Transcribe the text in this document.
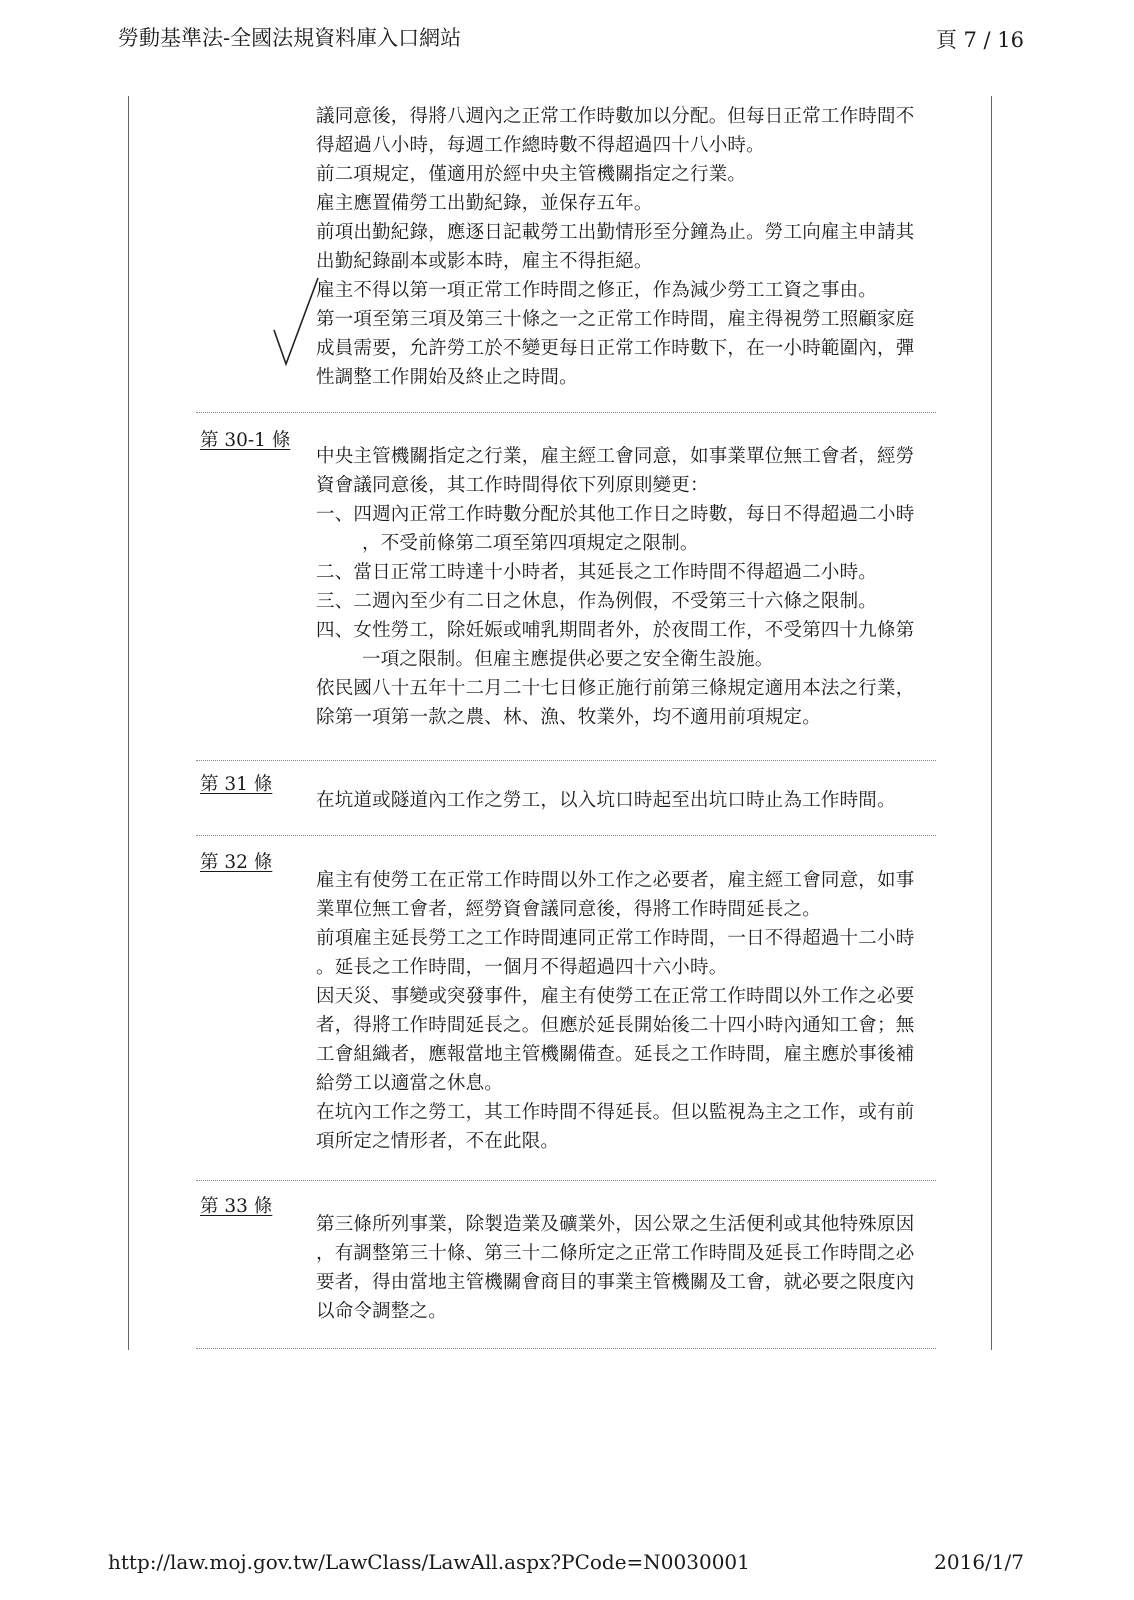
勞動基準法-全國法規資料庫入口網站	頁 7 / 16
議同意後，得將八週內之正常工作時數加以分配。但每日正常工作時間不
得超過八小時，每週工作總時數不得超過四十八小時。
前二項規定，僅適用於經中央主管機關指定之行業。
雇主應置備勞工出勤紀錄，並保存五年。
前項出勤紀錄，應逐日記載勞工出勤情形至分鐘為止。勞工向雇主申請其
出勤紀錄副本或影本時，雇主不得拒絕。
雇主不得以第一項正常工作時間之修正，作為減少勞工工資之事由。
第一項至第三項及第三十條之一之正常工作時間，雇主得視勞工照顧家庭
成員需要，允許勞工於不變更每日正常工作時數下，在一小時範圍內，彈
性調整工作開始及終止之時間。
第 30-1 條
中央主管機關指定之行業，雇主經工會同意，如事業單位無工會者，經勞
資會議同意後，其工作時間得依下列原則變更：
一、四週內正常工作時數分配於其他工作日之時數，每日不得超過二小時
，不受前條第二項至第四項規定之限制。
二、當日正常工時達十小時者，其延長之工作時間不得超過二小時。
三、二週內至少有二日之休息，作為例假，不受第三十六條之限制。
四、女性勞工，除妊娠或哺乳期間者外，於夜間工作，不受第四十九條第
一項之限制。但雇主應提供必要之安全衛生設施。
依民國八十五年十二月二十七日修正施行前第三條規定適用本法之行業，
除第一項第一款之農、林、漁、牧業外，均不適用前項規定。
第 31 條
在坑道或隧道內工作之勞工，以入坑口時起至出坑口時止為工作時間。
第 32 條
雇主有使勞工在正常工作時間以外工作之必要者，雇主經工會同意，如事
業單位無工會者，經勞資會議同意後，得將工作時間延長之。
前項雇主延長勞工之工作時間連同正常工作時間，一日不得超過十二小時
。延長之工作時間，一個月不得超過四十六小時。
因天災、事變或突發事件，雇主有使勞工在正常工作時間以外工作之必要
者，得將工作時間延長之。但應於延長開始後二十四小時內通知工會；無
工會組織者，應報當地主管機關備查。延長之工作時間，雇主應於事後補
給勞工以適當之休息。
在坑內工作之勞工，其工作時間不得延長。但以監視為主之工作，或有前
項所定之情形者，不在此限。
第 33 條
第三條所列事業，除製造業及礦業外，因公眾之生活便利或其他特殊原因
，有調整第三十條、第三十二條所定之正常工作時間及延長工作時間之必
要者，得由當地主管機關會商目的事業主管機關及工會，就必要之限度內
以命令調整之。
http://law.moj.gov.tw/LawClass/LawAll.aspx?PCode=N0030001	2016/1/7
